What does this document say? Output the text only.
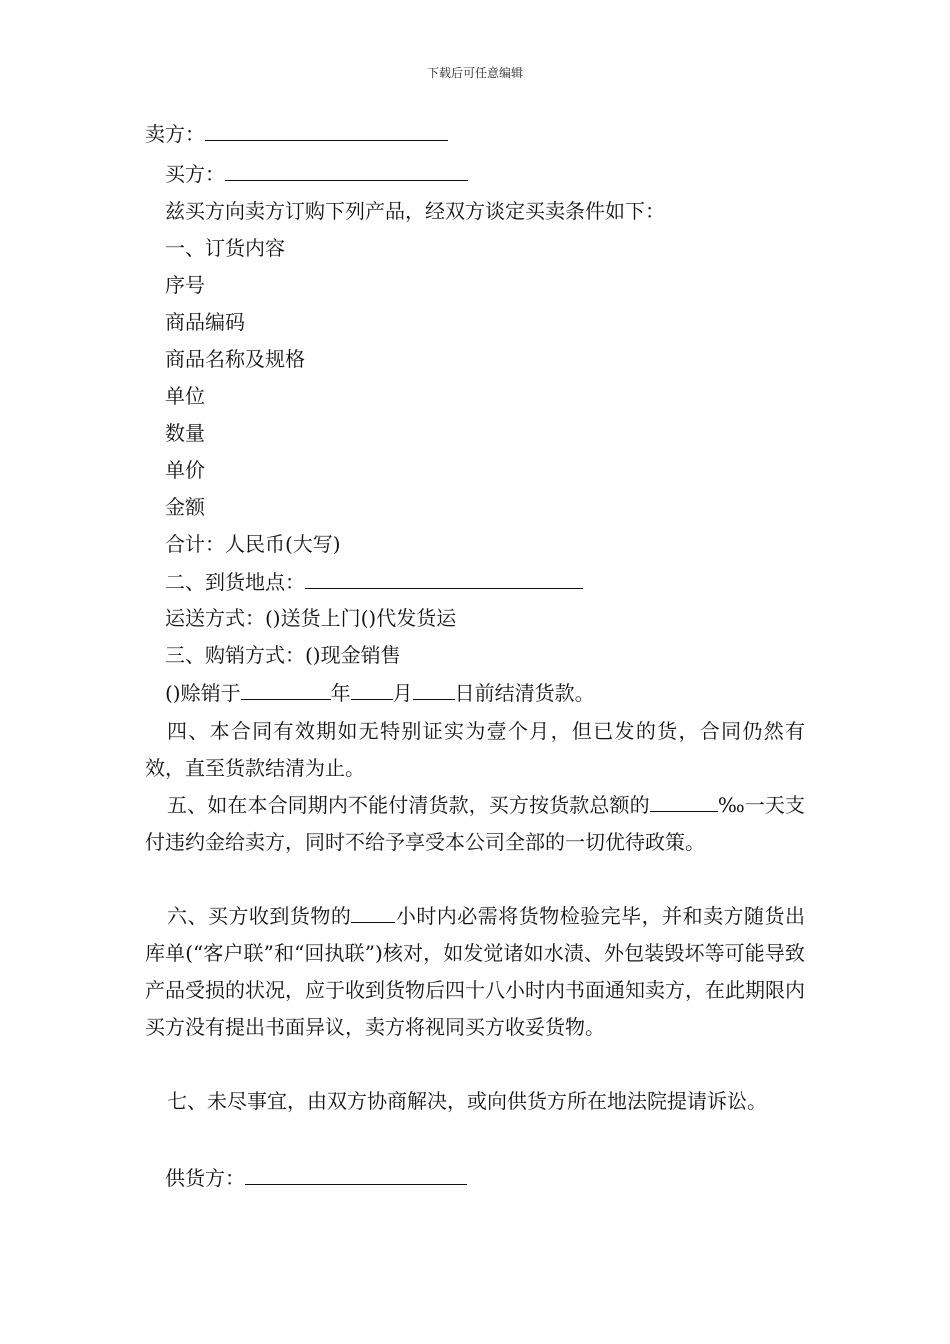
下载后可任意编辑
卖方：
买方：
兹买方向卖方订购下列产品，经双方谈定买卖条件如下：
一、订货内容
序号
商品编码
商品名称及规格
单位
数量
单价
金额
合计：人民币(大写)
二、到货地点：
运送方式：()送货上门()代发货运
三、购销方式：()现金销售
()赊销于	年 月 日前结清货款。
四、本合同有效期如无特别证实为壹个月，但已发的货，合同仍然有效，直至货款结清为止。
五、如在本合同期内不能付清货款，买方按货款总额的	‰一天支付违约金给卖方，同时不给予享受本公司全部的一切优待政策。
六、买方收到货物的 小时内必需将货物检验完毕，并和卖方随货出库单(“客户联”和“回执联”)核对，如发觉诸如水渍、外包装毁坏等可能导致产品受损的状况，应于收到货物后四十八小时内书面通知卖方，在此期限内买方没有提出书面异议，卖方将视同买方收妥货物。
七、未尽事宜，由双方协商解决，或向供货方所在地法院提请诉讼。
供货方：
